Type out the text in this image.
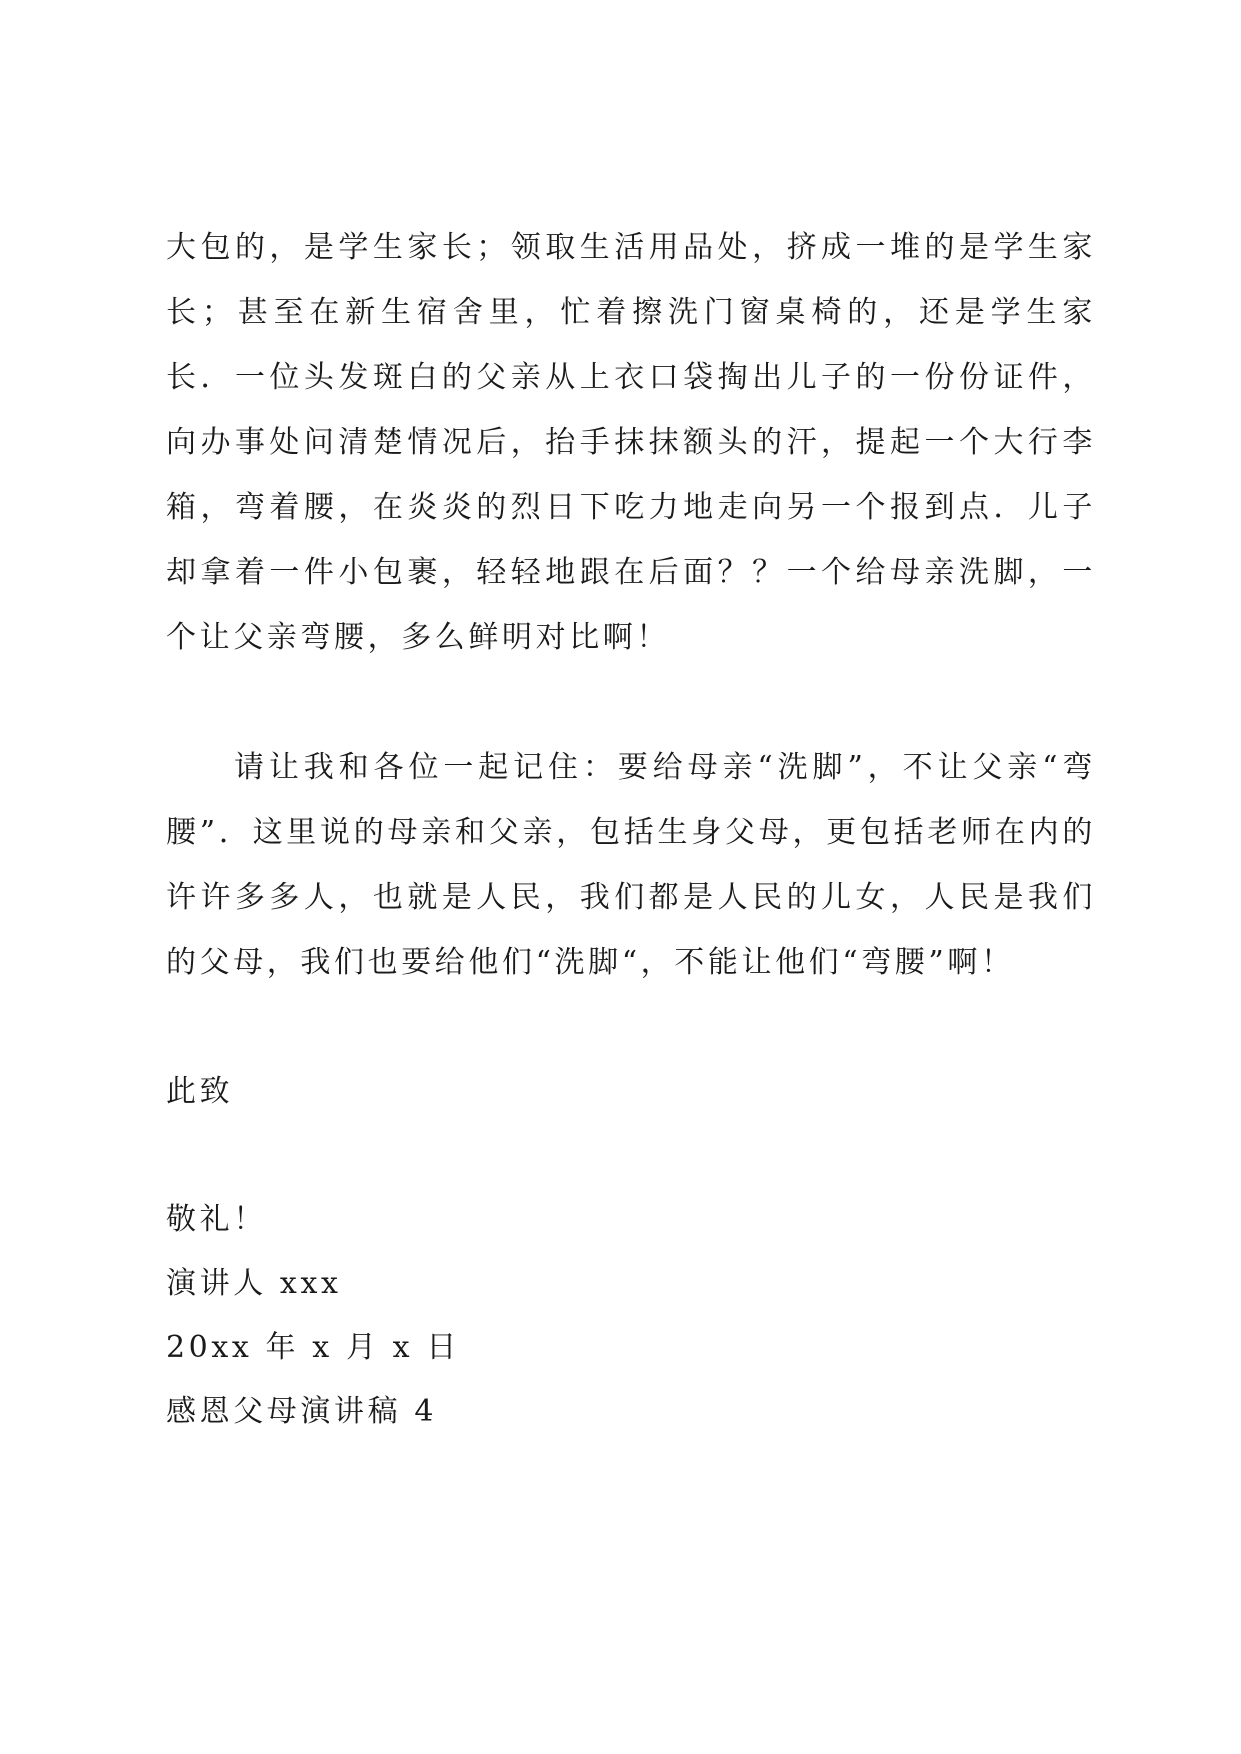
大包的，是学生家长；领取生活用品处，挤成一堆的是学生家长；甚至在新生宿舍里，忙着擦洗门窗桌椅的，还是学生家长．一位头发斑白的父亲从上衣口袋掏出儿子的一份份证件，向办事处问清楚情况后，抬手抹抹额头的汗，提起一个大行李箱，弯着腰，在炎炎的烈日下吃力地走向另一个报到点．儿子却拿着一件小包裹，轻轻地跟在后面？？一个给母亲洗脚，一个让父亲弯腰，多么鲜明对比啊！

请让我和各位一起记住：要给母亲“洗脚”，不让父亲“弯腰”．这里说的母亲和父亲，包括生身父母，更包括老师在内的许许多多人，也就是人民，我们都是人民的儿女，人民是我们的父母，我们也要给他们“洗脚“，不能让他们“弯腰”啊！

此致

敬礼！

演讲人 xxx

20xx 年 x 月 x 日

感恩父母演讲稿 4
